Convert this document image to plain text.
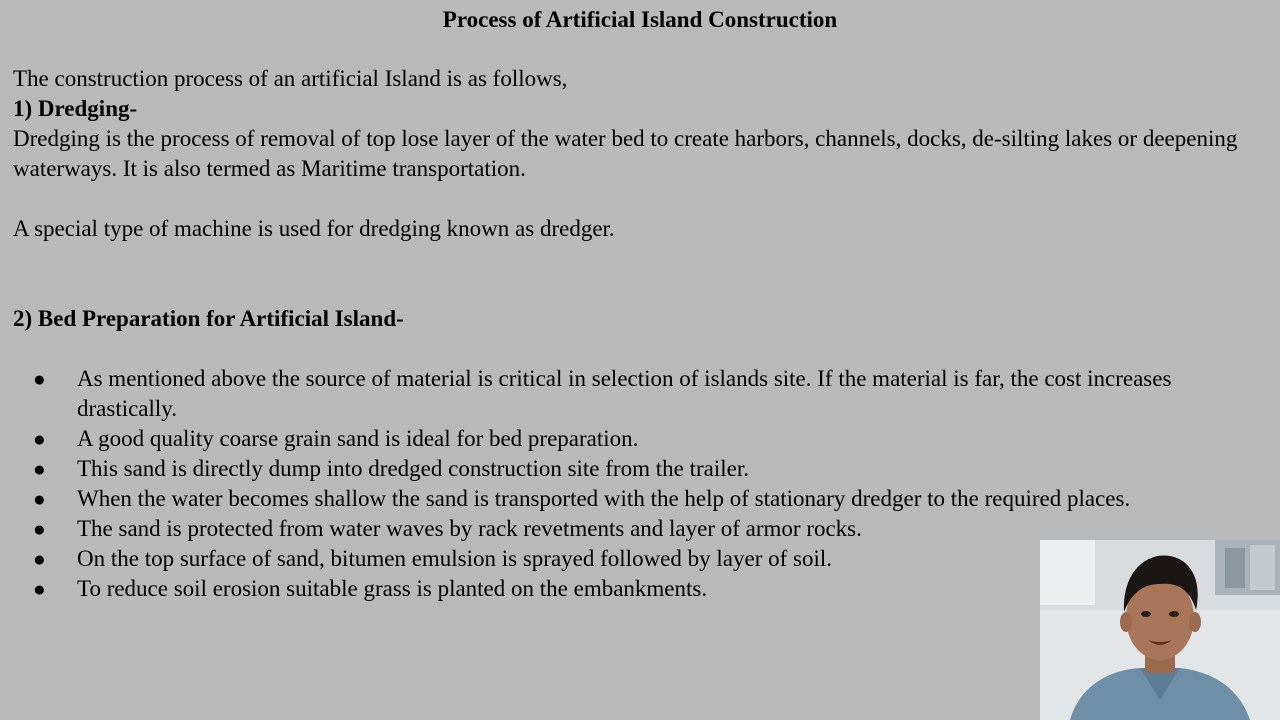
Process of Artificial Island Construction

The construction process of an artificial Island is as follows,

1) Dredging-

Dredging is the process of removal of top lose layer of the water bed to create harbors, channels, docks, de-silting lakes or deepening waterways. It is also termed as Maritime transportation.

A special type of machine is used for dredging known as dredger.

2) Bed Preparation for Artificial Island-

●	As mentioned above the source of material is critical in selection of islands site. If the material is far, the cost increases drastically.
●	A good quality coarse grain sand is ideal for bed preparation.
●	This sand is directly dump into dredged construction site from the trailer.
●	When the water becomes shallow the sand is transported with the help of stationary dredger to the required places.
●	The sand is protected from water waves by rack revetments and layer of armor rocks.
●	On the top surface of sand, bitumen emulsion is sprayed followed by layer of soil.
●	To reduce soil erosion suitable grass is planted on the embankments.
